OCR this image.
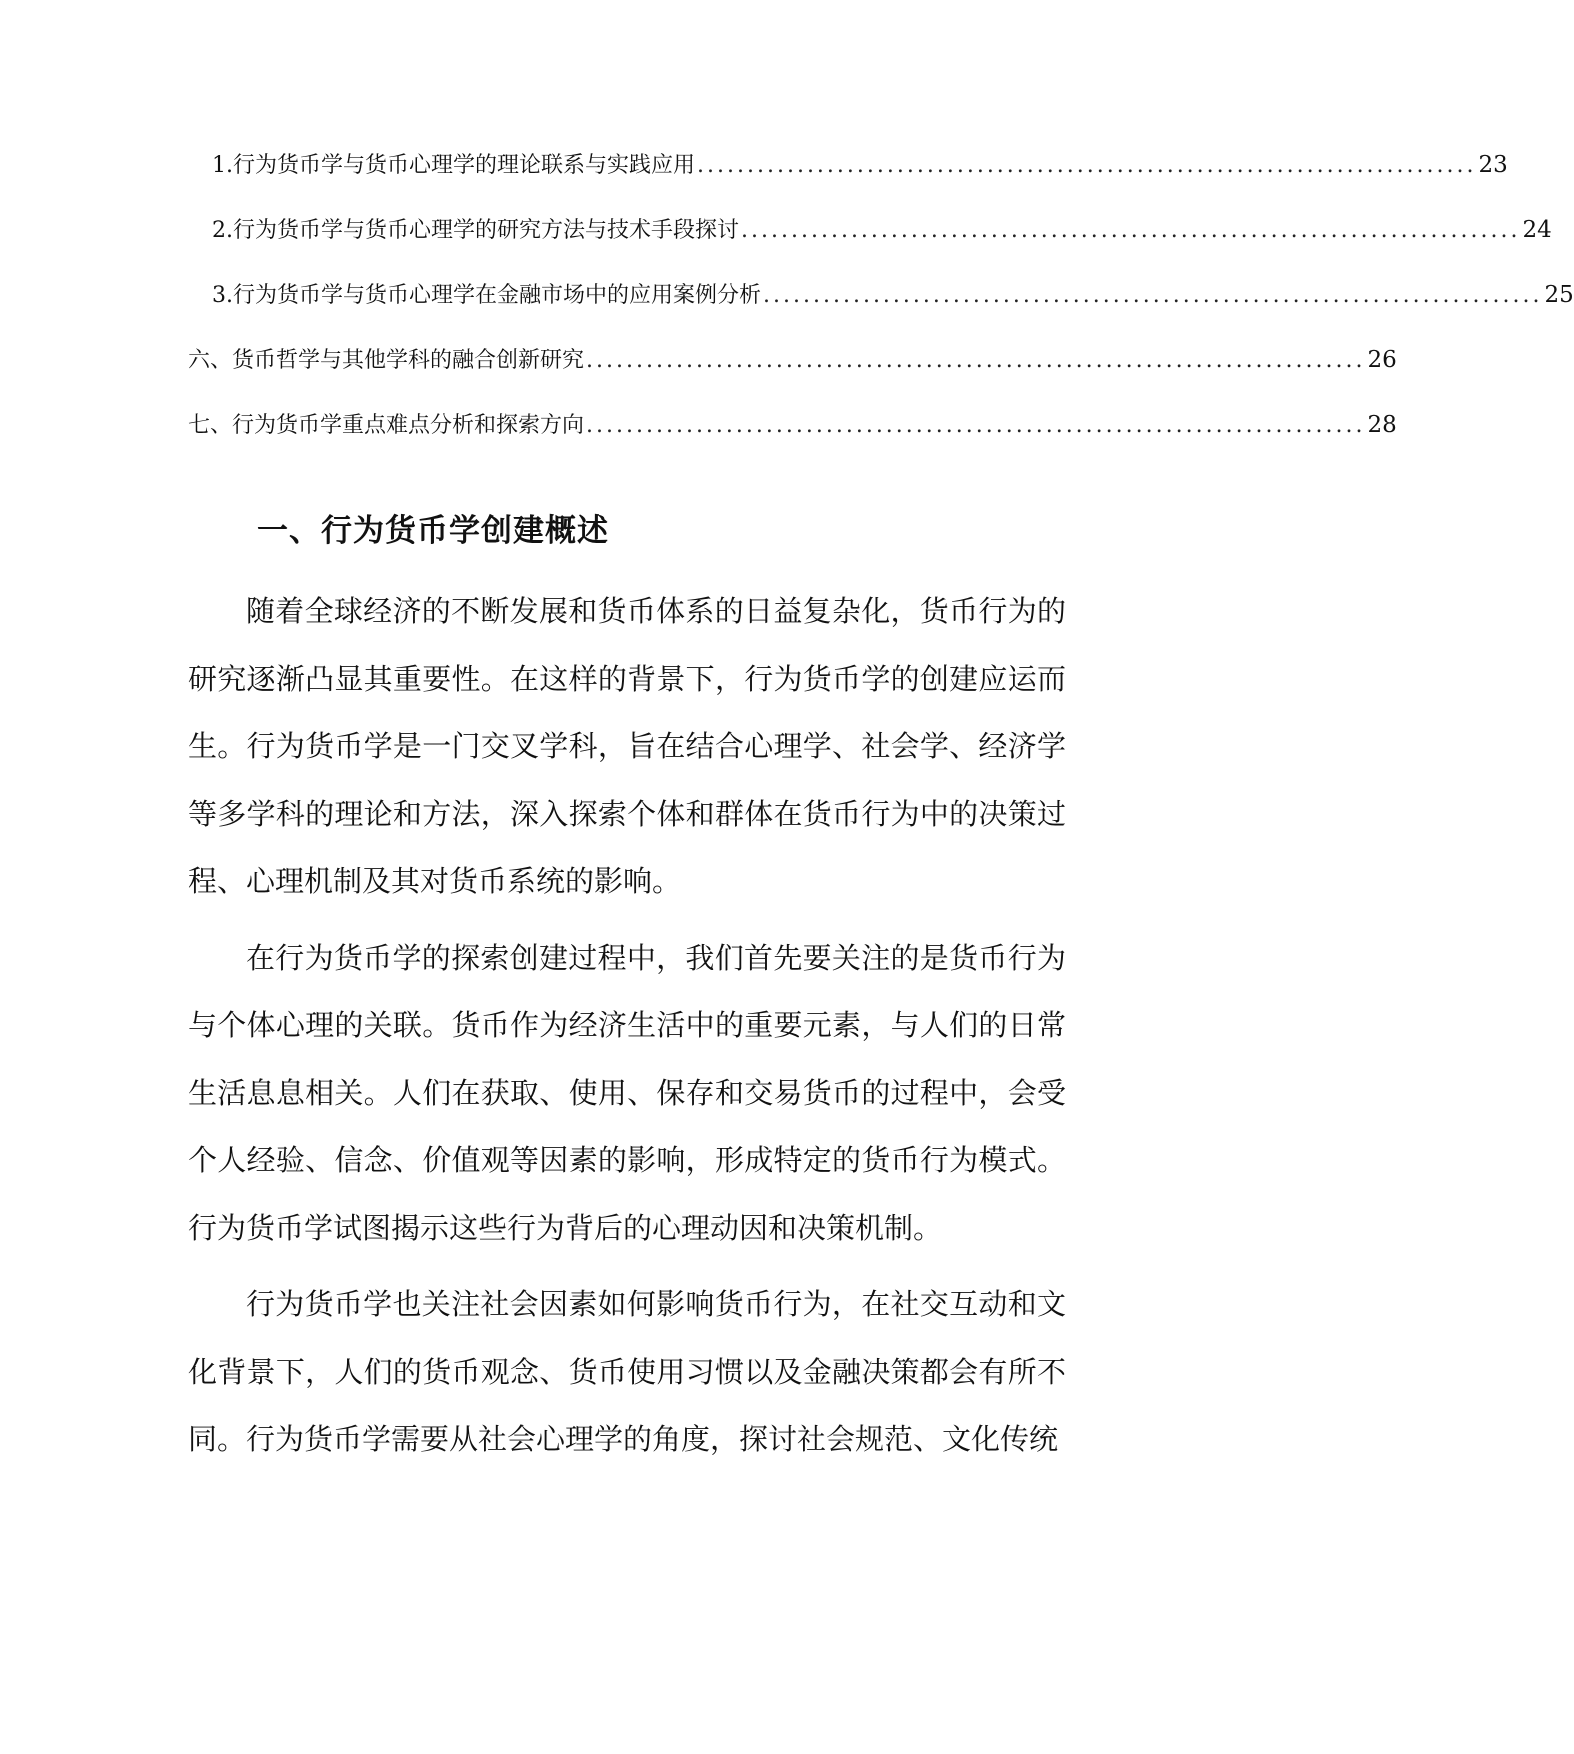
1. 行为货币学与货币心理学的理论联系与实践应用 .............................................................................. 23
2. 行为货币学与货币心理学的研究方法与技术手段探讨 .............................................................................. 24
3. 行为货币学与货币心理学在金融市场中的应用案例分析 .............................................................................. 25
六、货币哲学与其他学科的融合创新研究 .............................................................................. 26
七、行为货币学重点难点分析和探索方向 .............................................................................. 28
一、行为货币学创建概述

随着全球经济的不断发展和货币体系的日益复杂化，货币行为的研究逐渐凸显其重要性。在这样的背景下，行为货币学的创建应运而生。行为货币学是一门交叉学科，旨在结合心理学、社会学、经济学等多学科的理论和方法，深入探索个体和群体在货币行为中的决策过程、心理机制及其对货币系统的影响。

在行为货币学的探索创建过程中，我们首先要关注的是货币行为与个体心理的关联。货币作为经济生活中的重要元素，与人们的日常生活息息相关。人们在获取、使用、保存和交易货币的过程中，会受个人经验、信念、价值观等因素的影响，形成特定的货币行为模式。行为货币学试图揭示这些行为背后的心理动因和决策机制。

行为货币学也关注社会因素如何影响货币行为，在社交互动和文化背景下，人们的货币观念、货币使用习惯以及金融决策都会有所不同。行为货币学需要从社会心理学的角度，探讨社会规范、文化传统
